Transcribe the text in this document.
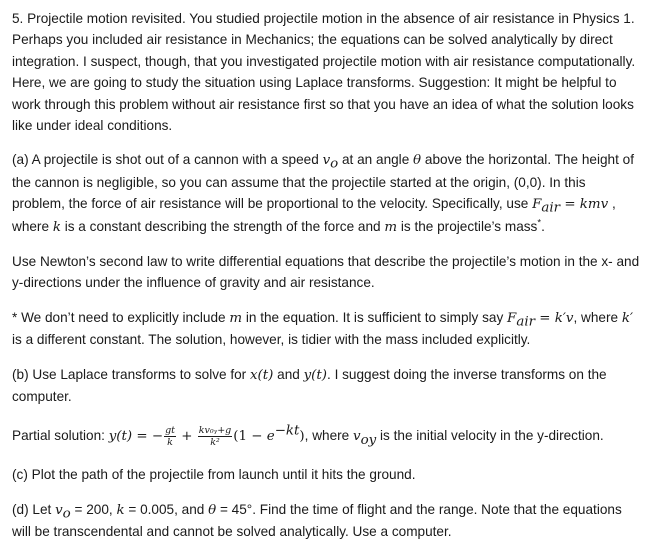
5. Projectile motion revisited. You studied projectile motion in the absence of air resistance in Physics 1. Perhaps you included air resistance in Mechanics; the equations can be solved analytically by direct integration. I suspect, though, that you investigated projectile motion with air resistance computationally. Here, we are going to study the situation using Laplace transforms. Suggestion: It might be helpful to work through this problem without air resistance first so that you have an idea of what the solution looks like under ideal conditions.

(a) A projectile is shot out of a cannon with a speed $v_o$ at an angle θ above the horizontal. The height of the cannon is negligible, so you can assume that the projectile started at the origin, (0,0). In this problem, the force of air resistance will be proportional to the velocity. Specifically, use $F_{air}$ = kmv , where k is a constant describing the strength of the force and m is the projectile’s mass*.

Use Newton’s second law to write differential equations that describe the projectile’s motion in the x- and y-directions under the influence of gravity and air resistance.

* We don’t need to explicitly include m in the equation. It is sufficient to simply say $F_{air} = k'v$, where k′ is a different constant. The solution, however, is tidier with the mass included explicitly.

(b) Use Laplace transforms to solve for x(t) and y(t). I suggest doing the inverse transforms on the computer.

Partial solution: y(t) = − $\frac{gt}{k} + \frac{\text{kv₀ᵧ+g}}{\text{k²}} (1 - e^{-kt})$, where $v_{oy}$ is the initial velocity in the y-direction.

(c) Plot the path of the projectile from launch until it hits the ground.

(d) Let $v_o = 200$, k = 0.005, and θ = 45°. Find the time of flight and the range. Note that the equations will be transcendental and cannot be solved analytically. Use a computer.
